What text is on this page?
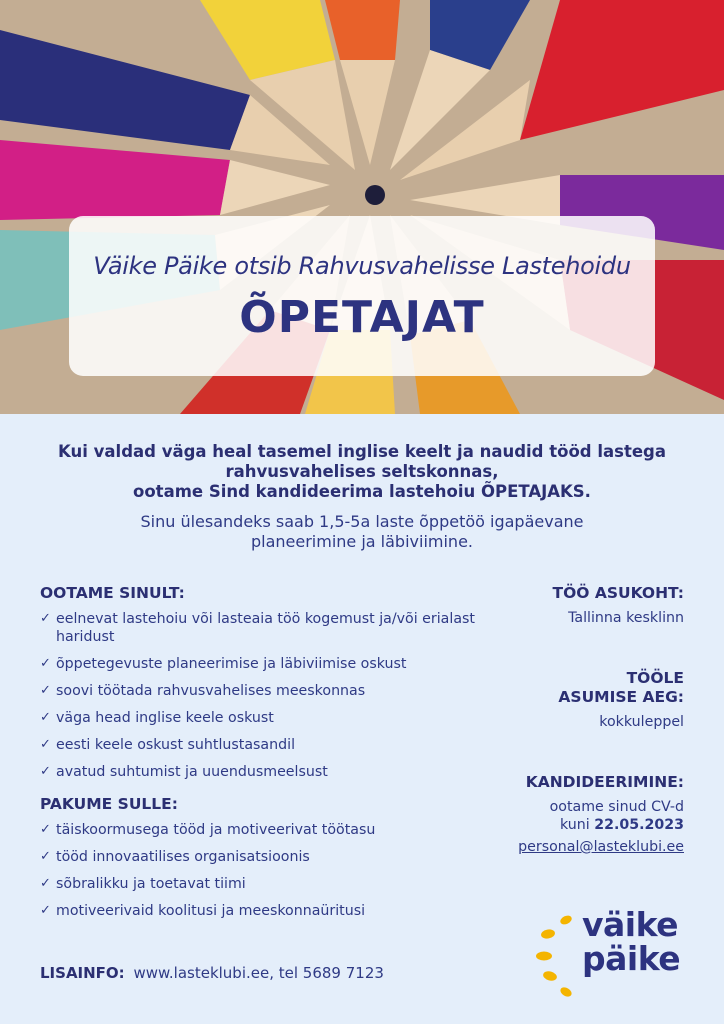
Väike Päike otsib Rahvusvahelisse Lastehoidu
ÕPETAJAT

Kui valdad väga heal tasemel inglise keelt ja naudid tööd lastega

rahvusvahelises seltskonnas,

ootame Sind kandideerima lastehoiu ÕPETAJAKS.

Sinu ülesandeks saab 1,5-5a laste õppetöö igapäevane
planeerimine ja läbiviimine.
OOTAME SINULT:
✓ eelnevat lastehoiu või lasteaia töö kogemust ja/või erialast haridust
✓ õppetegevuste planeerimise ja läbiviimise oskust
✓ soovi töötada rahvusvahelises meeskonnas
✓ väga head inglise keele oskust
✓ eesti keele oskust suhtlustasandil
✓ avatud suhtumist ja uuendusmeelsust
PAKUME SULLE:
✓ täiskoormusega tööd ja motiveerivat töötasu
✓ tööd innovaatilises organisatsioonis
✓ sõbralikku ja toetavat tiimi
✓ motiveerivaid koolitusi ja meeskonnaüritusi
TÖÖ ASUKOHT:
Tallinna kesklinn
TÖÖLE
ASUMISE AEG:
kokkuleppel
KANDIDEERIMINE:
ootame sinud CV-d
kuni 22.05.2023
personal@lasteklubi.ee
väike
päike
LISAINFO: www.lasteklubi.ee, tel 5689 7123
